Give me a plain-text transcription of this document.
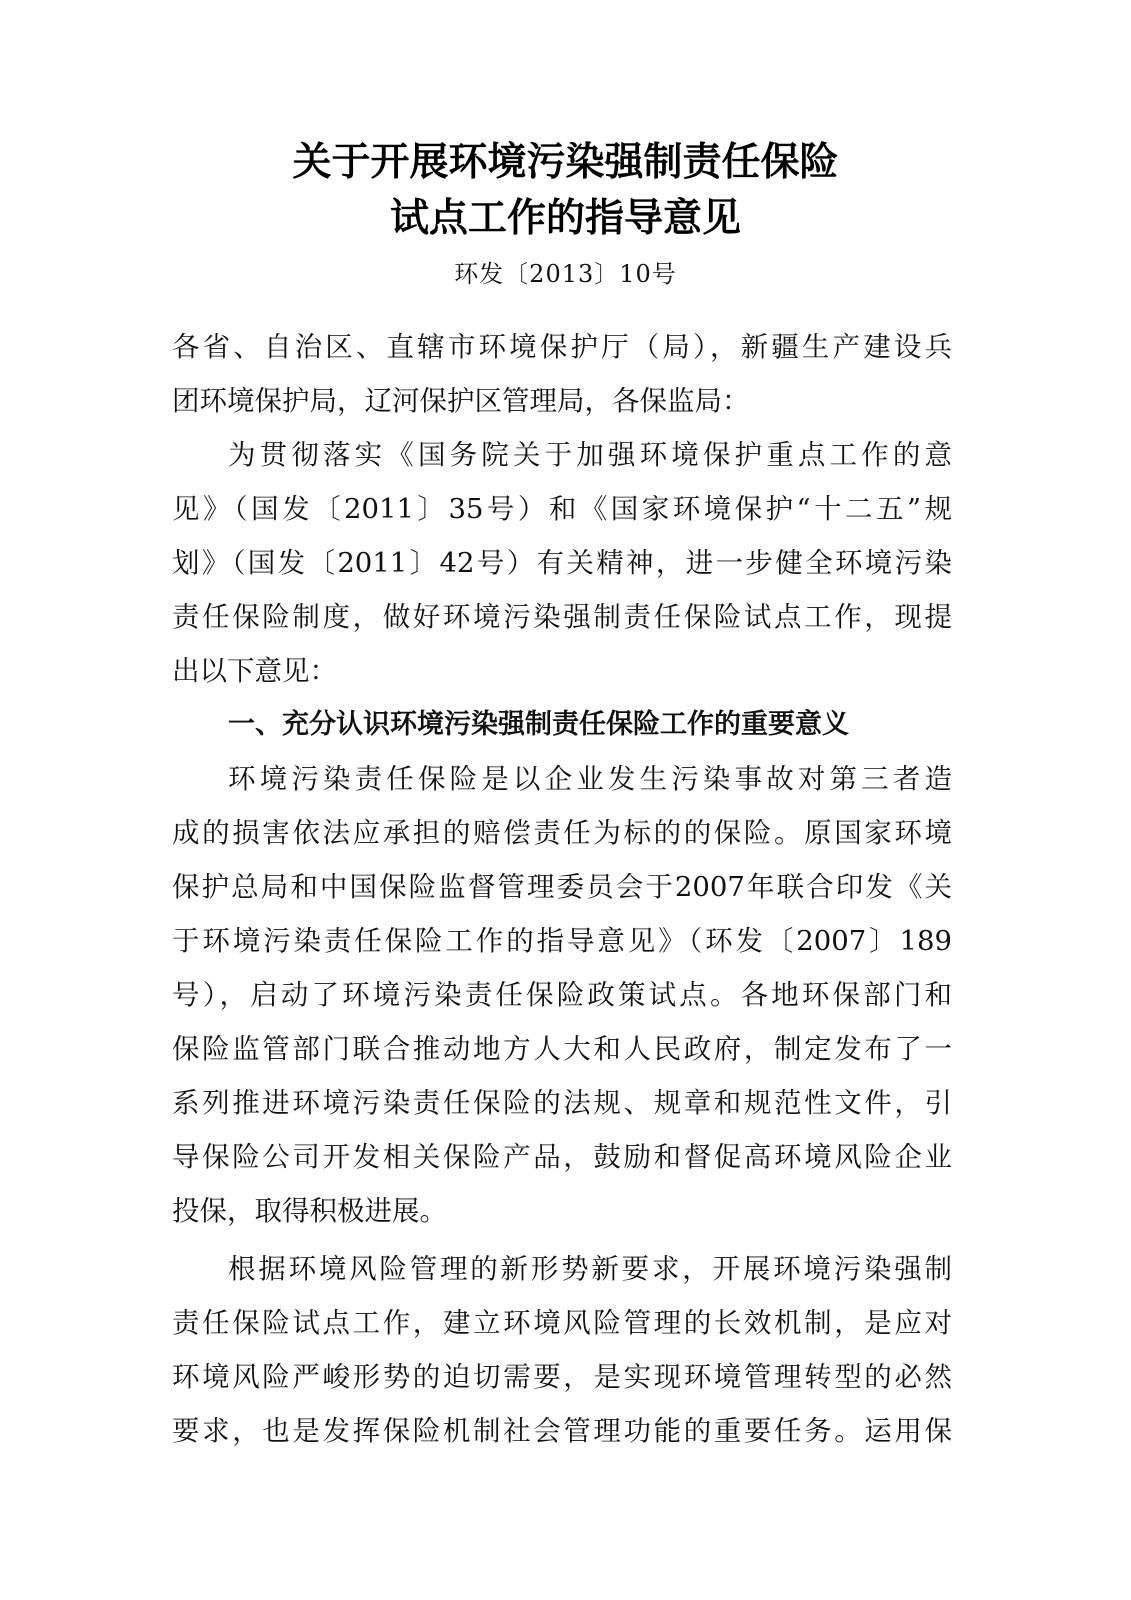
关于开展环境污染强制责任保险
试点工作的指导意见
环发〔2013〕10号
各省、自治区、直辖市环境保护厅（局），新疆生产建设兵
团环境保护局，辽河保护区管理局，各保监局：
为贯彻落实《国务院关于加强环境保护重点工作的意
见》（国发〔2011〕35号）和《国家环境保护“十二五”规
划》（国发〔2011〕42号）有关精神，进一步健全环境污染
责任保险制度，做好环境污染强制责任保险试点工作，现提
出以下意见：
一、充分认识环境污染强制责任保险工作的重要意义
环境污染责任保险是以企业发生污染事故对第三者造
成的损害依法应承担的赔偿责任为标的的保险。原国家环境
保护总局和中国保险监督管理委员会于2007年联合印发《关
于环境污染责任保险工作的指导意见》（环发〔2007〕189
号），启动了环境污染责任保险政策试点。各地环保部门和
保险监管部门联合推动地方人大和人民政府，制定发布了一
系列推进环境污染责任保险的法规、规章和规范性文件，引
导保险公司开发相关保险产品，鼓励和督促高环境风险企业
投保，取得积极进展。
根据环境风险管理的新形势新要求，开展环境污染强制
责任保险试点工作，建立环境风险管理的长效机制，是应对
环境风险严峻形势的迫切需要，是实现环境管理转型的必然
要求，也是发挥保险机制社会管理功能的重要任务。运用保
